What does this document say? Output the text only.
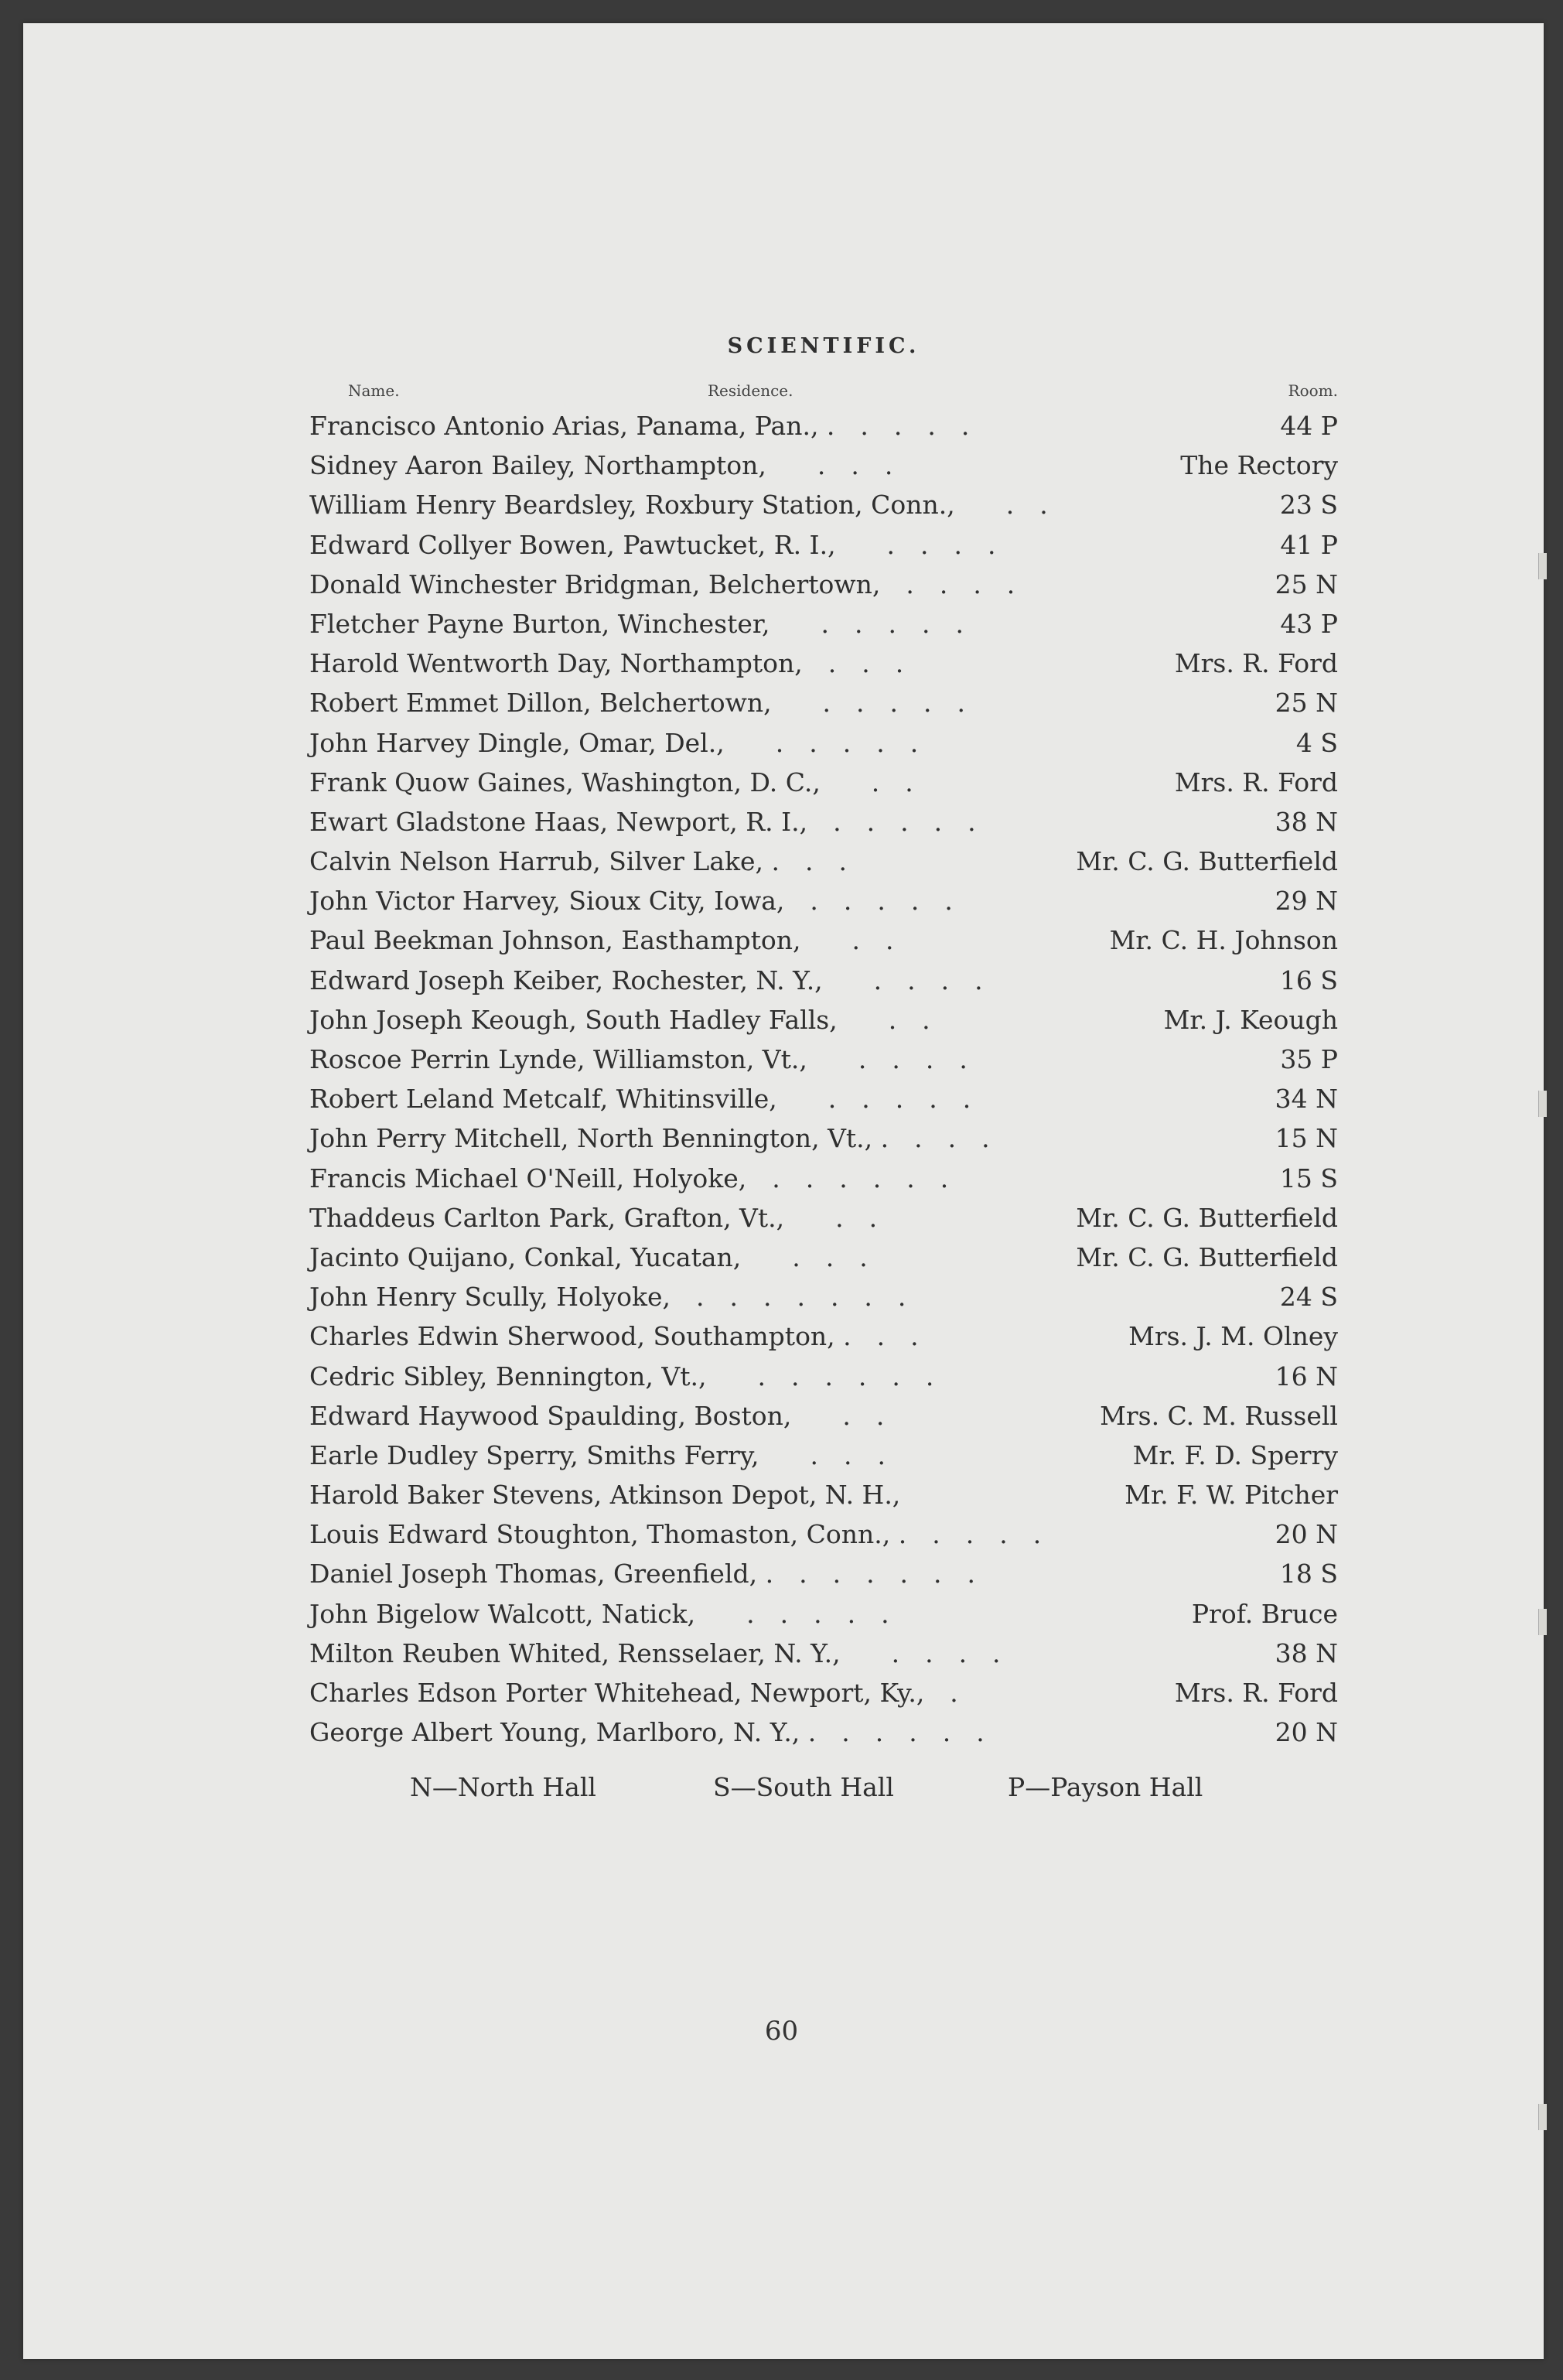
SCIENTIFIC.
Name.	Residence.	Room.
Francisco Antonio Arias, Panama, Pan., . . . . .	44 P
Sidney Aaron Bailey, Northampton,  . . .	The Rectory
William Henry Beardsley, Roxbury Station, Conn.,  . .	23 S
Edward Collyer Bowen, Pawtucket, R. I.,  . . . .	41 P
Donald Winchester Bridgman, Belchertown, . . . .	25 N
Fletcher Payne Burton, Winchester,  . . . . .	43 P
Harold Wentworth Day, Northampton, . . .	Mrs. R. Ford
Robert Emmet Dillon, Belchertown,  . . . . .	25 N
John Harvey Dingle, Omar, Del.,  . . . . .	4 S
Frank Quow Gaines, Washington, D. C.,  . .	Mrs. R. Ford
Ewart Gladstone Haas, Newport, R. I., . . . . .	38 N
Calvin Nelson Harrub, Silver Lake, . . .	Mr. C. G. Butterfield
John Victor Harvey, Sioux City, Iowa, . . . . .	29 N
Paul Beekman Johnson, Easthampton,  . .	Mr. C. H. Johnson
Edward Joseph Keiber, Rochester, N. Y.,  . . . .	16 S
John Joseph Keough, South Hadley Falls,  . .	Mr. J. Keough
Roscoe Perrin Lynde, Williamston, Vt.,  . . . .	35 P
Robert Leland Metcalf, Whitinsville,  . . . . .	34 N
John Perry Mitchell, North Bennington, Vt., . . . .	15 N
Francis Michael O'Neill, Holyoke, . . . . . .	15 S
Thaddeus Carlton Park, Grafton, Vt.,  . .	Mr. C. G. Butterfield
Jacinto Quijano, Conkal, Yucatan,  . . .	Mr. C. G. Butterfield
John Henry Scully, Holyoke, . . . . . . .	24 S
Charles Edwin Sherwood, Southampton, . . .	Mrs. J. M. Olney
Cedric Sibley, Bennington, Vt.,  . . . . . .	16 N
Edward Haywood Spaulding, Boston,  . .	Mrs. C. M. Russell
Earle Dudley Sperry, Smiths Ferry,  . . .	Mr. F. D. Sperry
Harold Baker Stevens, Atkinson Depot, N. H.,	Mr. F. W. Pitcher
Louis Edward Stoughton, Thomaston, Conn., . . . . .	20 N
Daniel Joseph Thomas, Greenfield, . . . . . . .	18 S
John Bigelow Walcott, Natick,  . . . . .	Prof. Bruce
Milton Reuben Whited, Rensselaer, N. Y.,  . . . .	38 N
Charles Edson Porter Whitehead, Newport, Ky., .	Mrs. R. Ford
George Albert Young, Marlboro, N. Y., . . . . . .	20 N
N—North Hall	S—South Hall	P—Payson Hall
60
